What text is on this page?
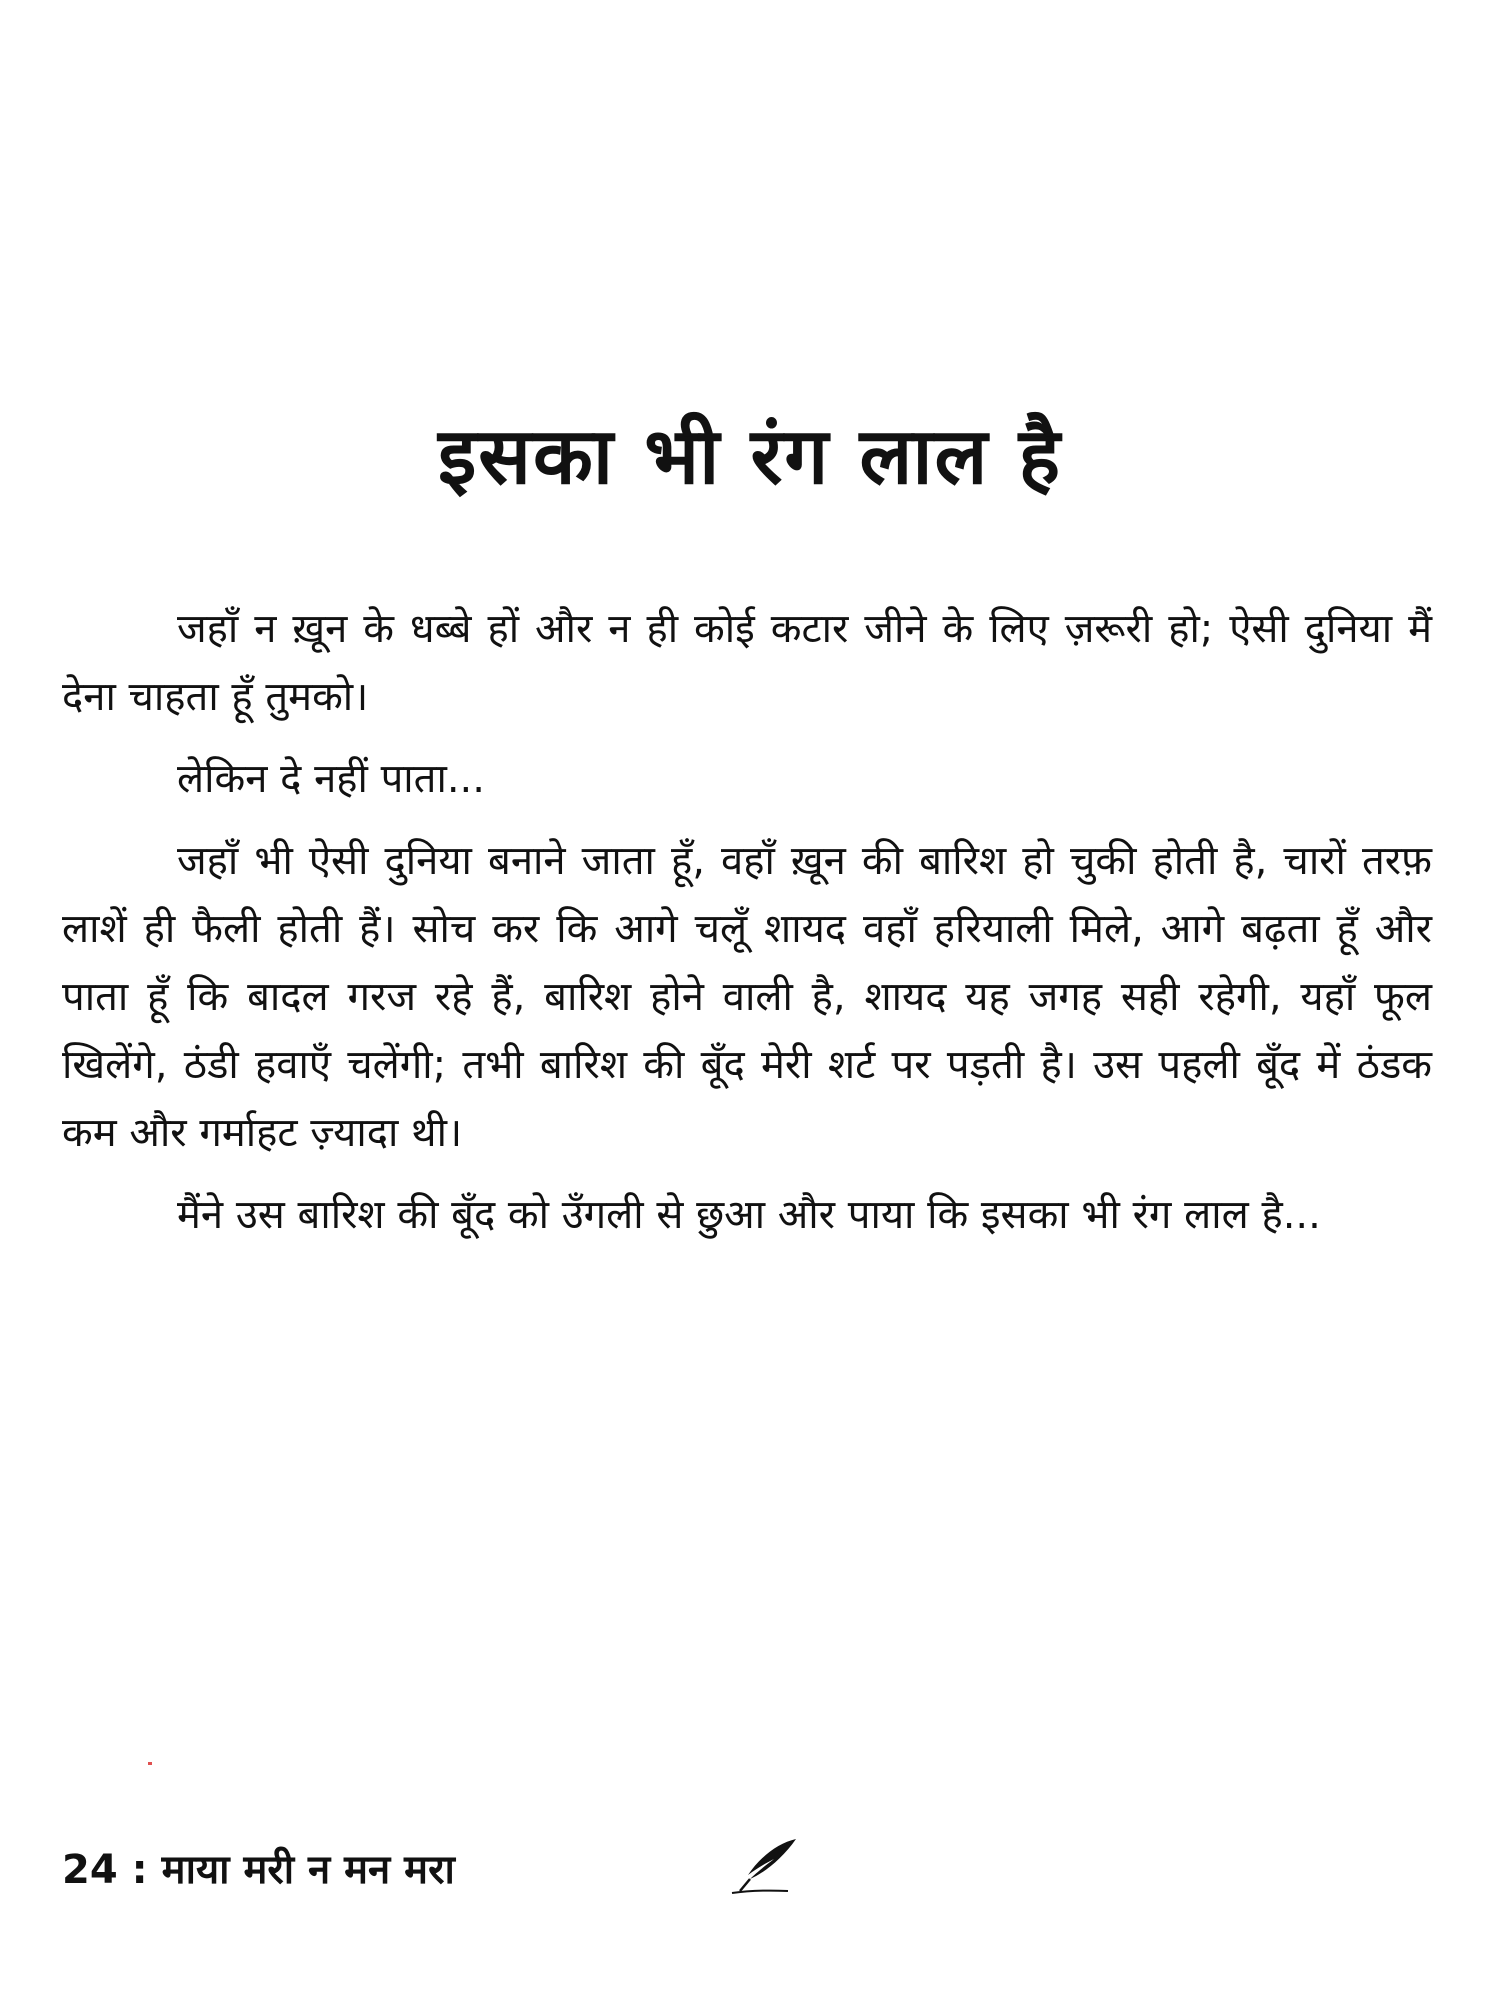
इसका भी रंग लाल है

जहाँ न ख़ून के धब्बे हों और न ही कोई कटार जीने के लिए ज़रूरी हो; ऐसी दुनिया मैं देना चाहता हूँ तुमको।

लेकिन दे नहीं पाता...

जहाँ भी ऐसी दुनिया बनाने जाता हूँ, वहाँ ख़ून की बारिश हो चुकी होती है, चारों तरफ़ लाशें ही फैली होती हैं। सोच कर कि आगे चलूँ शायद वहाँ हरियाली मिले, आगे बढ़ता हूँ और पाता हूँ कि बादल गरज रहे हैं, बारिश होने वाली है, शायद यह जगह सही रहेगी, यहाँ फूल खिलेंगे, ठंडी हवाएँ चलेंगी; तभी बारिश की बूँद मेरी शर्ट पर पड़ती है। उस पहली बूँद में ठंडक कम और गर्माहट ज़्यादा थी।

मैंने उस बारिश की बूँद को उँगली से छुआ और पाया कि इसका भी रंग लाल है...

24 : माया मरी न मन मरा
